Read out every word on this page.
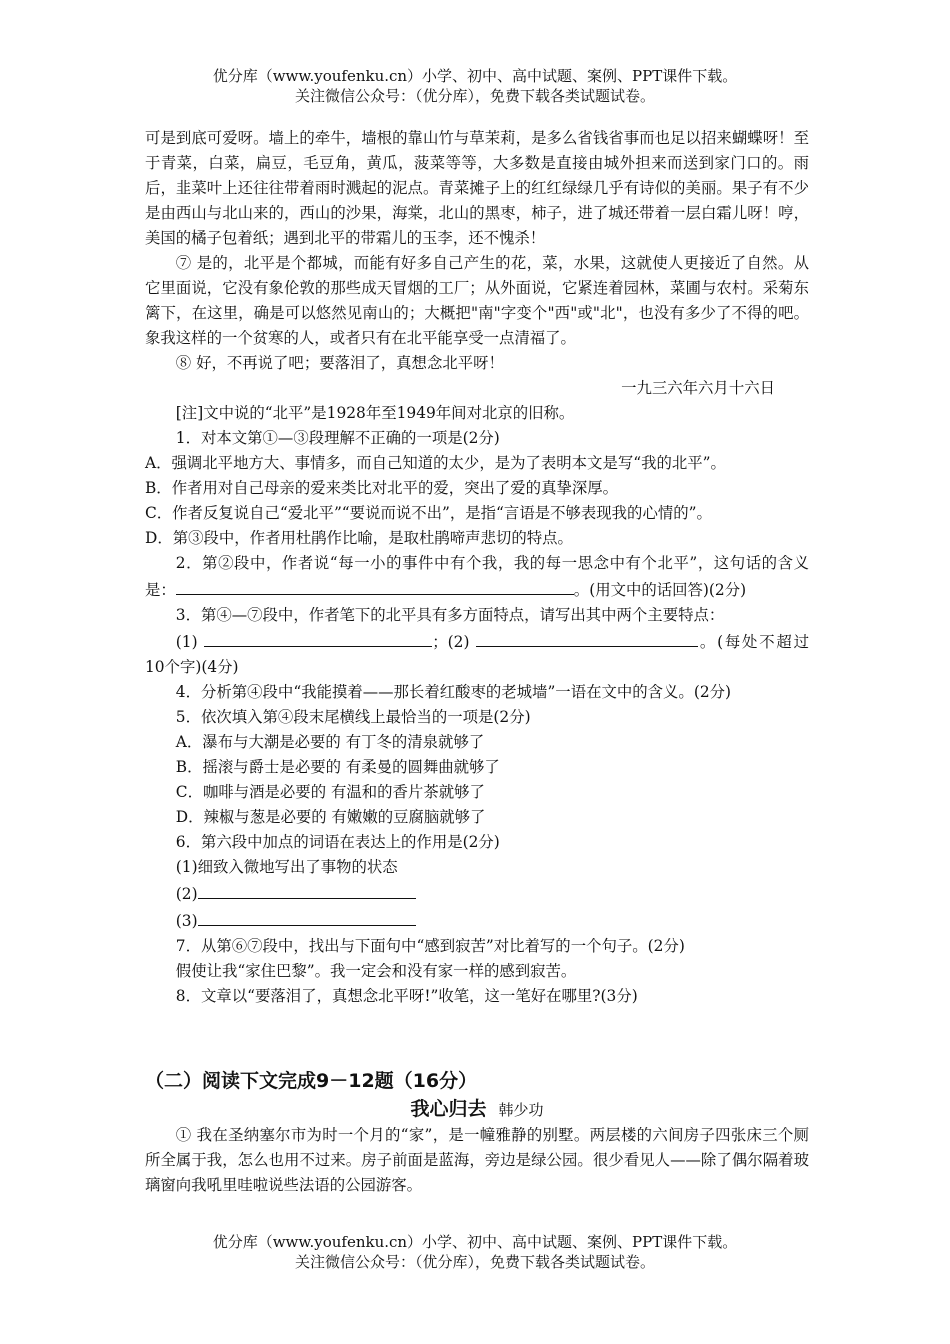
优分库（www.youfenku.cn）小学、初中、高中试题、案例、PPT课件下载。
关注微信公众号：（优分库），免费下载各类试题试卷。

可是到底可爱呀。墙上的牵牛，墙根的靠山竹与草茉莉，是多么省钱省事而也足以招来蝴蝶呀！至于青菜，白菜，扁豆，毛豆角，黄瓜，菠菜等等，大多数是直接由城外担来而送到家门口的。雨后，韭菜叶上还往往带着雨时溅起的泥点。青菜摊子上的红红绿绿几乎有诗似的美丽。果子有不少是由西山与北山来的，西山的沙果，海棠，北山的黑枣，柿子，进了城还带着一层白霜儿呀！哼，美国的橘子包着纸；遇到北平的带霜儿的玉李，还不愧杀！

⑦ 是的，北平是个都城，而能有好多自己产生的花，菜，水果，这就使人更接近了自然。从它里面说，它没有象伦敦的那些成天冒烟的工厂；从外面说，它紧连着园林，菜圃与农村。采菊东篱下，在这里，确是可以悠然见南山的；大概把"南"字变个"西"或"北"，也没有多少了不得的吧。象我这样的一个贫寒的人，或者只有在北平能享受一点清福了。

⑧ 好，不再说了吧；要落泪了，真想念北平呀！

一九三六年六月十六日

[注]文中说的“北平”是1928年至1949年间对北京的旧称。

1．对本文第①—③段理解不正确的一项是(2分)

A．强调北平地方大、事情多，而自己知道的太少，是为了表明本文是写“我的北平”。

B．作者用对自己母亲的爱来类比对北平的爱，突出了爱的真挚深厚。

C．作者反复说自己“爱北平”“要说而说不出”，是指“言语是不够表现我的心情的”。

D．第③段中，作者用杜鹃作比喻，是取杜鹃啼声悲切的特点。

2．第②段中，作者说“每一小的事件中有个我，我的每一思念中有个北平”，这句话的含义是：	。(用文中的话回答)(2分)

3．第④—⑦段中，作者笔下的北平具有多方面特点，请写出其中两个主要特点：

(1)	；(2)	。(每处不超过10个字)(4分)

4．分析第④段中“我能摸着——那长着红酸枣的老城墙”一语在文中的含义。(2分)

5．依次填入第④段末尾横线上最恰当的一项是(2分)

A．瀑布与大潮是必要的 有丁冬的清泉就够了

B．摇滚与爵士是必要的 有柔曼的圆舞曲就够了

C．咖啡与酒是必要的 有温和的香片茶就够了

D．辣椒与葱是必要的 有嫩嫩的豆腐脑就够了

6．第六段中加点的词语在表达上的作用是(2分)

(1)细致入微地写出了事物的状态

(2)

(3)

7．从第⑥⑦段中，找出与下面句中“感到寂苦”对比着写的一个句子。(2分)

假使让我“家住巴黎”。我一定会和没有家一样的感到寂苦。

8．文章以“要落泪了，真想念北平呀!”收笔，这一笔好在哪里?(3分)

（二）阅读下文完成9－12题（16分）

我心归去 韩少功

① 我在圣纳塞尔市为时一个月的“家”，是一幢雅静的别墅。两层楼的六间房子四张床三个厕所全属于我，怎么也用不过来。房子前面是蓝海，旁边是绿公园。很少看见人——除了偶尔隔着玻璃窗向我吼里哇啦说些法语的公园游客。

优分库（www.youfenku.cn）小学、初中、高中试题、案例、PPT课件下载。
关注微信公众号：（优分库），免费下载各类试题试卷。
